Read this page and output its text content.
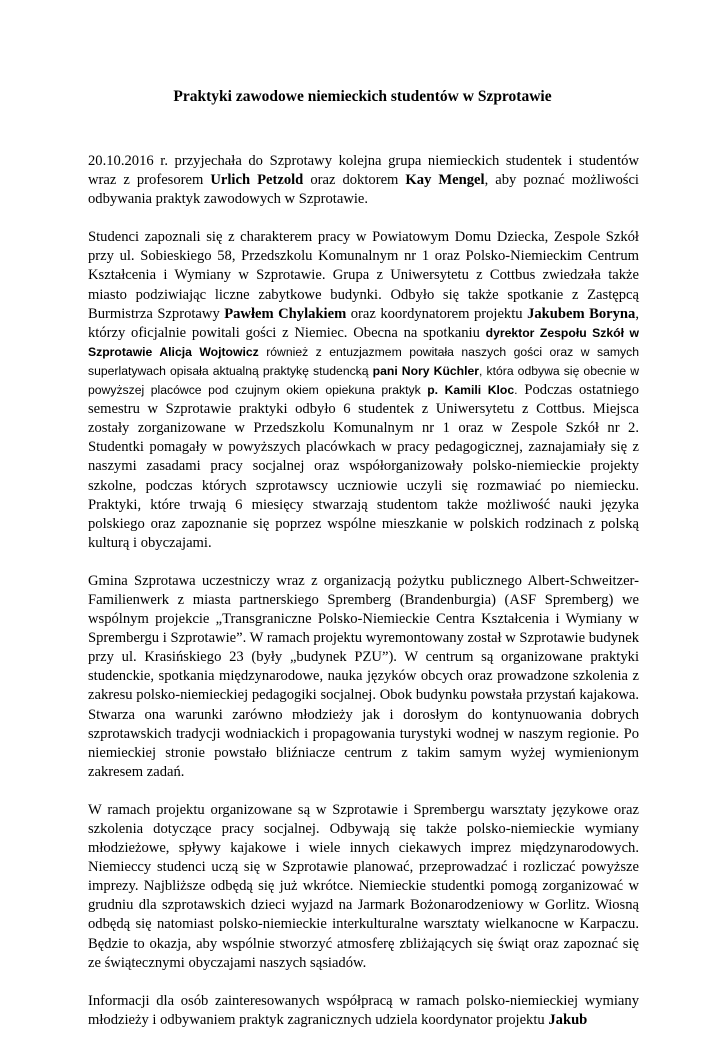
Praktyki zawodowe niemieckich studentów w Szprotawie

20.10.2016 r. przyjechała do Szprotawy kolejna grupa niemieckich studentek i studentów wraz z profesorem Urlich Petzold oraz doktorem Kay Mengel, aby poznać możliwości odbywania praktyk zawodowych w Szprotawie.

Studenci zapoznali się z charakterem pracy w Powiatowym Domu Dziecka, Zespole Szkół przy ul. Sobieskiego 58, Przedszkolu Komunalnym nr 1 oraz Polsko-Niemieckim Centrum Kształcenia i Wymiany w Szprotawie. Grupa z Uniwersytetu z Cottbus zwiedzała także miasto podziwiając liczne zabytkowe budynki. Odbyło się także spotkanie z Zastępcą Burmistrza Szprotawy Pawłem Chylakiem oraz koordynatorem projektu Jakubem Boryna, którzy oficjalnie powitali gości z Niemiec. Obecna na spotkaniu dyrektor Zespołu Szkół w Szprotawie Alicja Wojtowicz również z entuzjazmem powitała naszych gości oraz w samych superlatywach opisała aktualną praktykę studencką pani Nory Küchler, która odbywa się obecnie w powyższej placówce pod czujnym okiem opiekuna praktyk p. Kamili Kloc. Podczas ostatniego semestru w Szprotawie praktyki odbyło 6 studentek z Uniwersytetu z Cottbus. Miejsca zostały zorganizowane w Przedszkolu Komunalnym nr 1 oraz w Zespole Szkół nr 2. Studentki pomagały w powyższych placówkach w pracy pedagogicznej, zaznajamiały się z naszymi zasadami pracy socjalnej oraz współorganizowały polsko-niemieckie projekty szkolne, podczas których szprotawscy uczniowie uczyli się rozmawiać po niemiecku. Praktyki, które trwają 6 miesięcy stwarzają studentom także możliwość nauki języka polskiego oraz zapoznanie się poprzez wspólne mieszkanie w polskich rodzinach z polską kulturą i obyczajami.

Gmina Szprotawa uczestniczy wraz z organizacją pożytku publicznego Albert-Schweitzer-Familienwerk z miasta partnerskiego Spremberg (Brandenburgia) (ASF Spremberg) we wspólnym projekcie „Transgraniczne Polsko-Niemieckie Centra Kształcenia i Wymiany w Sprembergu i Szprotawie”. W ramach projektu wyremontowany został w Szprotawie budynek przy ul. Krasińskiego 23 (były „budynek PZU”). W centrum są organizowane praktyki studenckie, spotkania międzynarodowe, nauka języków obcych oraz prowadzone szkolenia z zakresu polsko-niemieckiej pedagogiki socjalnej. Obok budynku powstała przystań kajakowa. Stwarza ona warunki zarówno młodzieży jak i dorosłym do kontynuowania dobrych szprotawskich tradycji wodniackich i propagowania turystyki wodnej w naszym regionie. Po niemieckiej stronie powstało bliźniacze centrum z takim samym wyżej wymienionym zakresem zadań.

W ramach projektu organizowane są w Szprotawie i Sprembergu warsztaty językowe oraz szkolenia dotyczące pracy socjalnej. Odbywają się także polsko-niemieckie wymiany młodzieżowe, spływy kajakowe i wiele innych ciekawych imprez międzynarodowych. Niemieccy studenci uczą się w Szprotawie planować, przeprowadzać i rozliczać powyższe imprezy. Najbliższe odbędą się już wkrótce. Niemieckie studentki pomogą zorganizować w grudniu dla szprotawskich dzieci wyjazd na Jarmark Bożonarodzeniowy w Gorlitz. Wiosną odbędą się natomiast polsko-niemieckie interkulturalne warsztaty wielkanocne w Karpaczu. Będzie to okazja, aby wspólnie stworzyć atmosferę zbliżających się świąt oraz zapoznać się ze świątecznymi obyczajami naszych sąsiadów.

Informacji dla osób zainteresowanych współpracą w ramach polsko-niemieckiej wymiany młodzieży i odbywaniem praktyk zagranicznych udziela koordynator projektu Jakub
